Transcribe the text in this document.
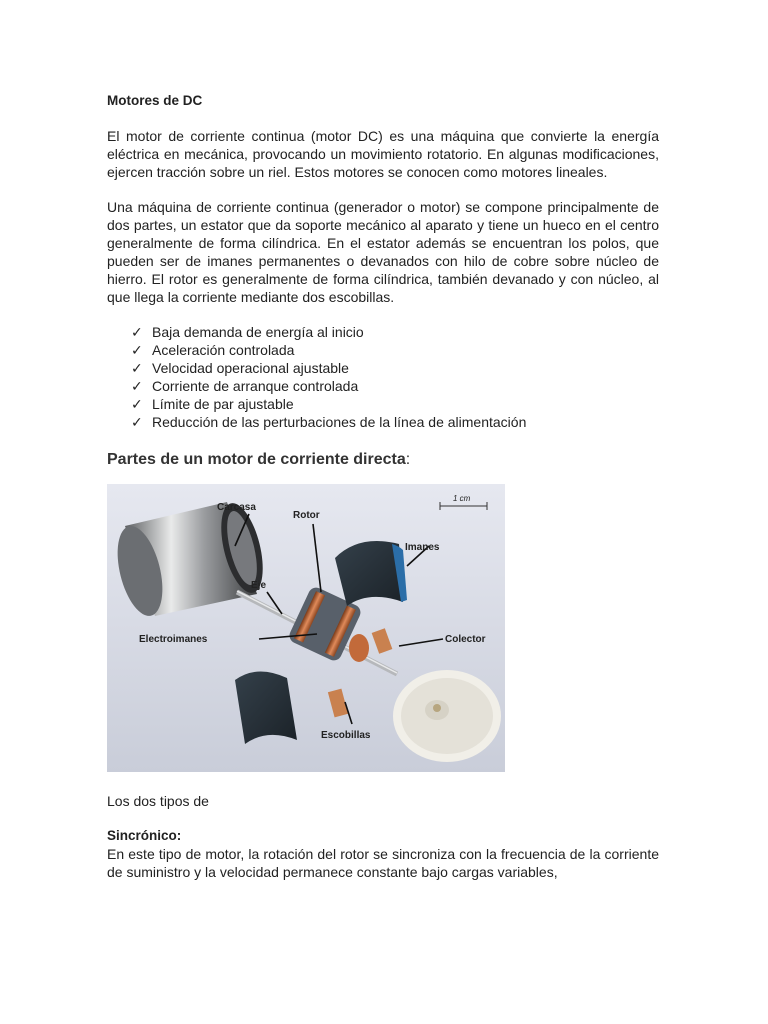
Motores de DC

El motor de corriente continua (motor DC) es una máquina que convierte la energía eléctrica en mecánica, provocando un movimiento rotatorio. En algunas modificaciones, ejercen tracción sobre un riel. Estos motores se conocen como motores lineales.

Una máquina de corriente continua (generador o motor) se compone principalmente de dos partes, un estator que da soporte mecánico al aparato y tiene un hueco en el centro generalmente de forma cilíndrica. En el estator además se encuentran los polos, que pueden ser de imanes permanentes o devanados con hilo de cobre sobre núcleo de hierro. El rotor es generalmente de forma cilíndrica, también devanado y con núcleo, al que llega la corriente mediante dos escobillas.

✓ Baja demanda de energía al inicio
✓ Aceleración controlada
✓ Velocidad operacional ajustable
✓ Corriente de arranque controlada
✓ Límite de par ajustable
✓ Reducción de las perturbaciones de la línea de alimentación
Partes de un motor de corriente directa:
1 cm
Carcasa
Rotor
Imanes
Eje
Electroimanes	Colector
Escobillas

Los dos tipos de

Sincrónico:

En este tipo de motor, la rotación del rotor se sincroniza con la frecuencia de la corriente de suministro y la velocidad permanece constante bajo cargas variables,
